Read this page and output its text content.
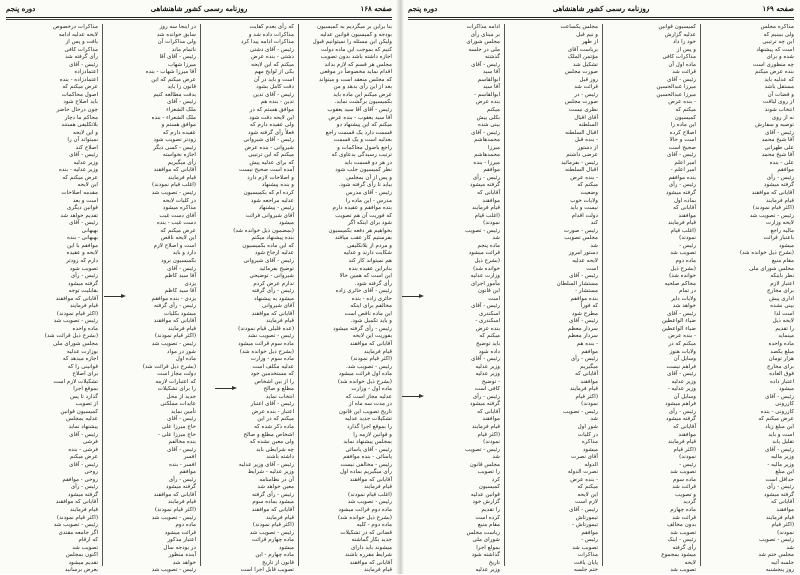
صفحه ۱۶۸
روزنامه رسمی کشور شاهنشاهی
دوره پنجم
بنا براین بر میگردیم به کمیسیون
بودجه و کمیسیون قوانین عدلیه
ولیکن این مسئله را نمیتوانیم قبول
کنیم که بموجب این ماده دولت
اجازه داشته باشد بدون تصویب
مجلس هر قسم که لازم بداند
اقدام نماید مخصوصاً در موقعی
که مجلس منعقد است و میتواند
بعد از این رأی بدهد و من
عرض میکنم این ماده باید
بکمیسیون برگشت نماید.
رئیس - آقای آقا سید یعقوب
آقا سید یعقوب - بنده عرض
میکنم که این پیشنهاد دو
قسمت دارد یک قسمت راجع
بعدلیه است و یک قسمت
راجع باصول محاکمات و
ترتیب رسیدگی بدعاوی که
در هر دو قسمت باید
نظر کمیسیون جلب شود
و پس از آن بمجلس
بیاید تا رأی گرفته شود.
رئیس - آقای مدرس
مدرس - این ماده را
بنده موافقم و عقیده دارم
که فوریت آن هم تصویب
شود برای اینکه اگر
بخواهیم هر دفعه بکمیسیون
بفرستیم کار عقب میافتد
و مردم از بلاتکلیفی
شکایت دارند و عدلیه
هم نمیتواند کار کند
بنابراین عقیده بنده
این است که همین حالا
رأی گرفته شود.
رئیس - آقای حائری زاده
حائری زاده - بنده
مخالفم برای اینکه
این ماده ناقص است
و باید تکمیل شود.
رئیس - رأی گرفته میشود
بفوریت این لایحه
آقایانی که موافقند
قیام فرمایند
(اکثر قیام نمودند)
رئیس - تصویب شد.
ماده اول قرائت میشود
(بشرح ذیل خوانده شد)
ماده اول - وزارت
عدلیه مجاز است که
در مدت سه ماه از
تاریخ تصویب این قانون
تشکیلات جدید عدلیه
را بموقع اجرا گذارد
و قوانین لازمه را
بمجلس پیشنهاد نماید
رئیس - آقای یاسائی
یاسائی - بنده موافقم
رئیس - مخالفی نیست
رأی میگیریم بماده اول
آقایانی که موافقند
قیام فرمایند
(اغلب قیام نمودند)
رئیس - تصویب شد
ماده دوم قرائت میشود
(بشرح ذیل خوانده شد)
ماده دوم - کلیه
قضاتی که در تشکیلات
جدید بکار گماشته
میشوند باید دارای
شرایط مقرره باشند
آقایانی که موافقند
قیام فرمایند
که رأی بعدم کفایت
مذاکرات داده شد و
مذاکرات ادامه پیدا کرد
رئیس - آقای دشتی
دشتی - بنده عرض
میکنم که این لایحه
یکی از لوایح مهم
است و باید در آن
دقت کامل بشود
رئیس - آقای تدین
تدین - بنده هم
موافق هستم که در
این لایحه دقت شود
ولی عقیده دارم که
فعلاً رأی گرفته شود
رئیس - آقای شیروانی
شیروانی - بنده عرض
میکنم که این ترتیبی
که برای عدلیه پیش
آمده است صحیح نیست
و اصلاحات لازم دارد
و بنده پیشنهاد
کرده ام که بکمیسیون
عدلیه مراجعه شود
رئیس - پیشنهاد
آقای شیروانی قرائت
میشود
(بمضمون ذیل خوانده شد)
بنده پیشنهاد میکنم
که این ماده بکمیسیون
عدلیه ارجاع شود
رئیس - آقای شیروانی
توضیح بفرمائید
شیروانی - توضیحی
ندارم عرض کردم
رئیس - رأی گرفته
میشود به پیشنهاد
آقای شیروانی
آقایانی که موافقند
قیام فرمایند
(عده قلیلی قیام نمودند)
رئیس - تصویب نشد
ماده سوم قرائت میشود
(بشرح ذیل خوانده شد)
ماده سوم - وزارت
عدلیه مکلف است
که مستخدمین خود
را از بین اشخاص
مطلع و صالح
انتخاب نماید
رئیس - آقای اعتبار
اعتبار - بنده عرض
میکنم که در این
ماده ذکر شده که
اشخاص مطلع و صالح
ولی معین نشده که
چه شرایطی باید
داشته باشند
رئیس - آقای وزیر عدلیه
وزیر عدلیه - شرایط
آن در نظامنامه
معین خواهد شد
رئیس - رأی گرفته
میشود بماده سوم
آقایانی که موافقند
قیام فرمایند
(اکثر قیام نمودند)
رئیس - تصویب شد
ماده چهارم قرائت
میشود
ماده چهارم - این
قانون از تاریخ
تصویب قابل اجرا است
در اینجا سه روز
سابق خوانده شد
ولی مذاکرات آن
ناتمام ماند
رئیس - آقای آقا
میرزا شهاب
آقا میرزا شهاب - بنده
عرض میکنم که این
قانون را باید
بدقت مطالعه کنیم
رئیس - آقای
ملک الشعراء
ملک الشعراء - بنده
موافق هستم و
عقیده دارم که
زودتر تصویب شود
رئیس - کسی دیگر
اجازه نخواسته
رأی میگیریم
آقایانی که موافقند
قیام فرمایند
(اغلب قیام نمودند)
رئیس - تصویب شد
در کلیات لایحه
مذاکره میشود
آقای دست غیب
دست غیب - بنده
عرض میکنم که
این لایحه ناقص
است و اصلاح لازم
دارد و باید
بکمیسیون برود
رئیس - آقای
آقا سید کاظم
یزدی
آقا سید کاظم
یزدی - بنده موافقم
رئیس - رأی گرفته
میشود بکلیات
آقایانی که موافقند
قیام فرمایند
(اکثر قیام نمودند)
رئیس - تصویب شد
شور در مواد
ماده اول
(بشرح ذیل قرائت شد)
دولت مجاز است
که اعتبارات لازمه
را برای تشکیلات
جدید از محل
عایدات مملکتی
تأمین نماید
رئیس - آقای
حاج میرزا علی
حاج میرزا علی -
بنده مخالفم
رئیس - آقای
افسر
افسر - بنده
موافقم
رئیس - رأی
گرفته میشود
آقایانی که موافقند
قیام فرمایند
(اکثر قیام نمودند)
رئیس - تصویب شد
ماده دوم
قرائت میشود
اعتبار مذکور
در بودجه سال
آینده منظور
خواهد شد
رئیس - تصویب شد
مذاکرات درخصوص
لایحه عدلیه ادامه
یافت و پس از
مذاکرات کافی
رأی گرفته شد
رئیس - آقای
اعتمادزاده
اعتمادزاده - بنده
عرض میکنم که
اصول محاکمات
باید اصلاح شود
چون درحال حاضر
محاکم ما دچار
بلاتکلیفی هستند
و این لایحه
نمیتواند آن را
اصلاح کند
رئیس - آقای
وزیر عدلیه
وزیر عدلیه - بنده
عرض میکنم که
این لایحه
مقدمه اصلاحات
است و بعد
قوانین دیگری
تقدیم خواهد شد
رئیس - آقای
بهبهانی
بهبهانی - بنده
موافقم با این
لایحه و عقیده
دارم که زودتر
تصویب شود
رئیس - رأی
گرفته میشود
بقابلیت توجه
آقایانی که موافقند
قیام فرمایند
(اکثر قیام نمودند)
رئیس - تصویب شد
ماده واحده
(بشرح ذیل قرائت شد)
مجلس شورای ملی
بوزارت عدلیه
اجازه میدهد که
قوانینی را که
برای اصلاح
تشکیلات لازم است
بموقع اجرا
گذارد تا پس
از تصویب
کمیسیون قوانین
عدلیه بمجلس
پیشنهاد نماید
رئیس - آقای
فرشی
فرشی - بنده
عرض میکنم
رئیس - آقای
روحی
روحی - موافقم
رئیس - رأی
گرفته میشود
آقایانی که موافقند
قیام فرمایند
(اکثر قیام نمودند)
رئیس - تصویب شد
اگر جامعه مقتدی
که ارقام
تصویب شد
اکنون بمجلس
تقدیم میشود
بعرض برسانید
صفحه ۱۶۹
روزنامه رسمی کشور شاهنشاهی
دوره پنجم
مذاکره مجلس
ولی ببینیم که
این چه ترتیبی
است که پیشنهاد
شده و برای
چه منظوری است
بنده عرض میکنم
که عدلیه باید
مستقل باشد
و قضات آن
از روی لیاقت
انتخاب شوند
نه از روی
توصیه و سفارش
رئیس - آقای
آقا شیخ محمد
علی طهرانی
آقا شیخ محمد
علی - بنده
موافقم
رئیس - رأی
گرفته میشود
آقایانی که موافقند
قیام فرمایند
(اکثر قیام نمودند)
رئیس - تصویب شد
لایحه وزارت
مالیه راجع
باعتبار قرائت
میشود
(بشرح ذیل خوانده شد)
مقام منیع
مجلس شورای ملی
نظر باینکه
اعتبار لازم
برای مخارج
اداری پیش
بینی نشده
است لذا
لایحه ذیل
را تقدیم
مینماید
ماده واحده
مبلغ یکصد
هزار تومان
برای مخارج
فوق العاده
اعتبار داده
میشود
رئیس - آقای
کازرونی
کازرونی - بنده
عرض میکنم که
این مبلغ زیاد
است و باید
تقلیل یابد
رئیس - آقای
وزیر مالیه
وزیر مالیه -
این مبلغ
حداقل است
رئیس - رأی
گرفته میشود
آقایانی که
موافقند
قیام فرمایند
(اکثر قیام
نمودند)
رئیس - تصویب
شد
مجلس ختم شد
جلسه آتیه
روز پنجشنبه
کمیسیون قوانین
عدلیه گزارش
خود را داد
و پس از
مذاکرات کافی
ماده اول آن
قرائت شد
رئیس - آقای
میرزا عبدالحسین
میرزا عبدالحسین
- بنده عرض
میکنم که
کمیسیون
این ماده را
اصلاح کرده
است و حالا
صحیح است
رئیس - آقای
امیر اعلم
امیر اعلم -
بنده موافقم
رئیس - رأی
گرفته میشود
بماده اول
آقایانی که
موافقند
قیام فرمایند
(اغلب قیام
نمودند)
رئیس -
تصویب شد
ماده دوم
(بشرح ذیل
خوانده شد)
محاکم صلحیه
در تمام
ولایات دایر
خواهد شد
رئیس - آقای
ضیاء الواعظین
ضیاء الواعظین
- بنده عرض
میکنم که در
ولایات هنوز
وسایل آن
فراهم نیست
رئیس - آقای
وزیر عدلیه
وزیر عدلیه -
وسایل آن
فراهم میشود
رئیس - رأی
گرفته میشود
آقایانی که
موافقند
قیام فرمایند
(اکثر قیام
نمودند)
رئیس -
تصویب شد
ماده سوم
قرائت شد
و تصویب
گردید
ماده چهارم
قرائت شد
بدون مخالف
تصویب شد
رئیس - اینک
رأی گرفته
میشود بمجموع
لایحه
تصویب شد
مجلس یکساعت
و نیم قبل
از ظهر
بریاست آقای
مؤتمن الملک
تشکیل شد
صورت مجلس
روز قبل
قرائت شد
رئیس - در
صورت مجلس
نظری نیست
آقای اقبال
السلطنه
اقبال السلطنه
- بنده قبل
از دستور
عرضی داشتم
رئیس - بفرمائید
اقبال السلطنه
- بنده عرض
میکنم که
وضعیت
ولایات خوب
نیست و باید
دولت اقدام
کند
رئیس - صورت
مجلس تصویب
شد
دستور امروز
لایحه عدلیه
است
رئیس - آقای
مستشار السلطان
مستشار -
بنده موافقم
که فوراً
مطرح شود
رئیس - آقای
سردار معظم
سردار معظم
- بنده هم
موافقم
رئیس - رأی
میگیریم
آقایانی که
موافقند
قیام فرمایند
(اکثر قیام
نمودند)
رئیس - تصویب
شد
شور اول
در کلیات
مذاکره
میشود
آقای نصرت
الدوله
نصرت الدوله
- بنده عرض
میکنم که
این لایحه
لازم است
رئیس - آقای
تیمورتاش
تیمورتاش -
موافقم
رئیس -
تصویب شد
مذاکرات
پایان یافت
ختم جلسه
ادامه مذاکرات
بر مبنای رأی
مجلس شورای
ملی در جلسه
گذشته
رئیس - آقای
آقا سید
ابوالقاسم
آقا سید
ابوالقاسم -
بنده عرض
میکنم
بکلی پیش
بینی شده
رئیس - آقای
محمدهاشم
میرزا
محمدهاشم
میرزا - بنده
موافقم
رئیس - رأی
گرفته میشود
آقایانی که
موافقند
قیام فرمایند
(اغلب قیام
نمودند)
رئیس - تصویب
شد
ماده پنجم
قرائت میشود
(بشرح ذیل
خوانده شد)
وزارت عدلیه
مأمور اجرای
این قانون
است
رئیس - آقای
اسکندری
اسکندری -
بنده عرض
میکنم که
باید توضیح
داده شود
رئیس - آقای
وزیر عدلیه
وزیر عدلیه
- توضیح
کافی است
رئیس - رأی
گرفته میشود
آقایانی که
موافقند
قیام فرمایند
(اکثر قیام
نمودند)
رئیس - تصویب
شد
مجلس قانون
را تصویب
کرد
کمیسیون
قوانین عدلیه
گزارش خود
را تقدیم
کرده است
مقام منیع
ریاست مجلس
شورای ملی
بمولع اجرا
گذاشته شود
تاریخ
وزیر عدلیه
